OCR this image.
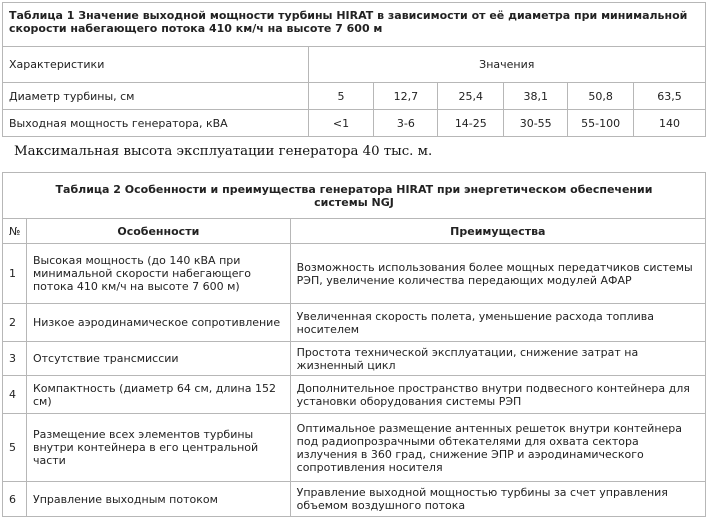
Таблица 1 Значение выходной мощности турбины HIRAT в зависимости от её диаметра при минимальной скорости набегающего потока 410 км/ч на высоте 7 600 м						
Характеристики	Значения					
Диаметр турбины, см	5	12,7	25,4	38,1	50,8	63,5
Выходная мощность генератора, кВА	<1	3-6	14-25	30-55	55-100	140

Максимальная высота эксплуатации генератора 40 тыс. м.

Таблица 2 Особенности и преимущества генератора HIRAT при энергетическом обеспечении системы NGJ		
№	Особенности	Преимущества
1	Высокая мощность (до 140 кВА при минимальной скорости набегающего потока 410 км/ч на высоте 7 600 м)	Возможность использования более мощных передатчиков системы РЭП, увеличение количества передающих модулей АФАР
2	Низкое аэродинамическое сопротивление	Увеличенная скорость полета, уменьшение расхода топлива носителем
3	Отсутствие трансмиссии	Простота технической эксплуатации, снижение затрат на жизненный цикл
4	Компактность (диаметр 64 см, длина 152 см)	Дополнительное пространство внутри подвесного контейнера для установки оборудования системы РЭП
5	Размещение всех элементов турбины внутри контейнера в его центральной части	Оптимальное размещение антенных решеток внутри контейнера под радиопрозрачными обтекателями для охвата сектора излучения в 360 град, снижение ЭПР и аэродинамического сопротивления носителя
6	Управление выходным потоком	Управление выходной мощностью турбины за счет управления объемом воздушного потока
